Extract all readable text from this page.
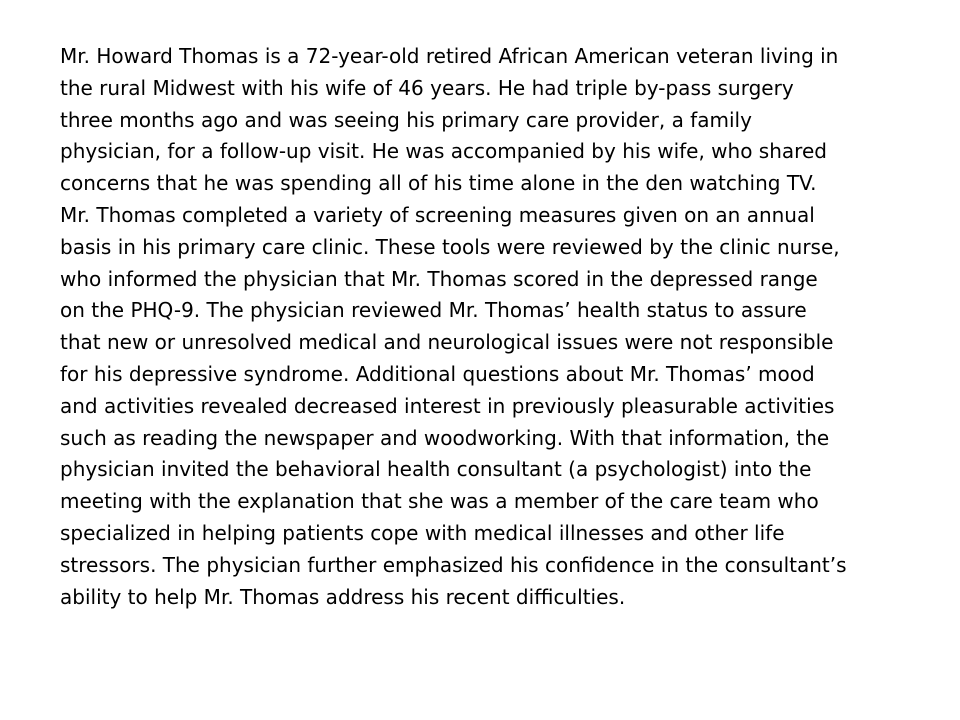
Mr. Howard Thomas is a 72-year-old retired African American veteran living in
the rural Midwest with his wife of 46 years. He had triple by-pass surgery
three months ago and was seeing his primary care provider, a family
physician, for a follow-up visit. He was accompanied by his wife, who shared
concerns that he was spending all of his time alone in the den watching TV.
Mr. Thomas completed a variety of screening measures given on an annual
basis in his primary care clinic. These tools were reviewed by the clinic nurse,
who informed the physician that Mr. Thomas scored in the depressed range
on the PHQ-9. The physician reviewed Mr. Thomas’ health status to assure
that new or unresolved medical and neurological issues were not responsible
for his depressive syndrome. Additional questions about Mr. Thomas’ mood
and activities revealed decreased interest in previously pleasurable activities
such as reading the newspaper and woodworking. With that information, the
physician invited the behavioral health consultant (a psychologist) into the
meeting with the explanation that she was a member of the care team who
specialized in helping patients cope with medical illnesses and other life
stressors. The physician further emphasized his confidence in the consultant’s
ability to help Mr. Thomas address his recent difficulties.
